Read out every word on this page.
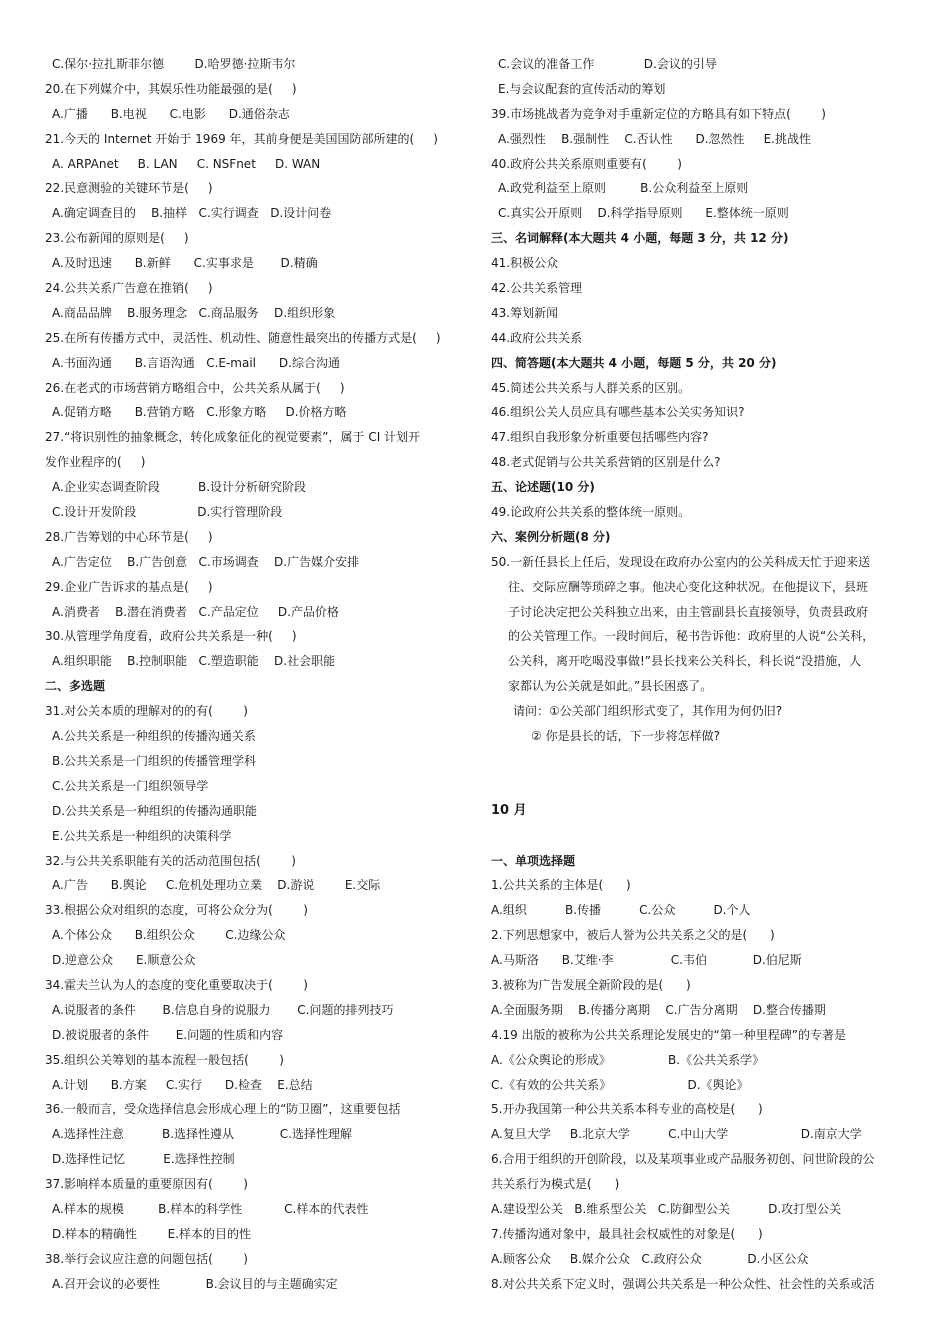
C.保尔·拉扎斯菲尔德        D.哈罗德·拉斯韦尔
20.在下列媒介中，其娱乐性功能最强的是(     )
A.广播      B.电视      C.电影      D.通俗杂志
21.今天的 Internet 开始于 1969 年，其前身便是美国国防部所建的(     )
A. ARPAnet     B. LAN     C. NSFnet     D. WAN
22.民意测验的关键环节是(     )
A.确定调查目的    B.抽样   C.实行调查   D.设计问卷
23.公布新闻的原则是(     )
A.及时迅速      B.新鲜      C.实事求是       D.精确
24.公共关系广告意在推销(     )
A.商品品牌    B.服务理念   C.商品服务    D.组织形象
25.在所有传播方式中，灵活性、机动性、随意性最突出的传播方式是(     )
A.书面沟通      B.言语沟通   C.E-mail      D.综合沟通
26.在老式的市场营销方略组合中，公共关系从属于(     )
A.促销方略      B.营销方略   C.形象方略     D.价格方略
27.“将识别性的抽象概念，转化成象征化的视觉要素”，属于 CI 计划开
发作业程序的(     )
A.企业实态调查阶段          B.设计分析研究阶段
C.设计开发阶段                D.实行管理阶段
28.广告筹划的中心环节是(     )
A.广告定位    B.广告创意   C.市场调查    D.广告媒介安排
29.企业广告诉求的基点是(     )
A.消费者    B.潜在消费者   C.产品定位     D.产品价格
30.从管理学角度看，政府公共关系是一种(     )
A.组织职能    B.控制职能   C.塑造职能    D.社会职能
二、多选题
31.对公关本质的理解对的的有(        )
A.公共关系是一种组织的传播沟通关系
B.公共关系是一门组织的传播管理学科
C.公共关系是一门组织领导学
D.公共关系是一种组织的传播沟通职能
E.公共关系是一种组织的决策科学
32.与公共关系职能有关的活动范围包括(        )
A.广告      B.舆论     C.危机处理功立業    D.游说        E.交际
33.根据公众对组织的态度，可将公众分为(        )
A.个体公众      B.组织公众        C.边缘公众
D.逆意公众      E.顺意公众
34.霍夫兰认为人的态度的变化重要取决于(        )
A.说服者的条件       B.信息自身的说服力       C.问题的排列技巧
D.被说服者的条件       E.问题的性质和内容
35.组织公关筹划的基本流程一般包括(        )
A.计划      B.方案     C.实行      D.检查    E.总结
36.一般而言，受众选择信息会形成心理上的“防卫圈”，这重要包括
A.选择性注意          B.选择性遵从            C.选择性理解
D.选择性记忆          E.选择性控制
37.影响样本质量的重要原因有(        )
A.样本的规模         B.样本的科学性           C.样本的代表性
D.样本的精确性        E.样本的目的性
38.举行会议应注意的问题包括(        )
A.召开会议的必要性            B.会议目的与主题确实定
C.会议的准备工作             D.会议的引导
E.与会议配套的宣传活动的筹划
39.市场挑战者为竞争对手重新定位的方略具有如下特点(        )
A.强烈性    B.强制性    C.否认性      D.忽然性     E.挑战性
40.政府公共关系原则重要有(        )
A.政党利益至上原则         B.公众利益至上原则
C.真实公开原则    D.科学指导原则      E.整体统一原则
三、名词解释(本大题共 4 小题，每题 3 分，共 12 分)
41.积极公众
42.公共关系管理
43.筹划新闻
44.政府公共关系
四、简答题(本大题共 4 小题，每题 5 分，共 20 分)
45.简述公共关系与人群关系的区别。
46.组织公关人员应具有哪些基本公关实务知识?
47.组织自我形象分析重要包括哪些内容?
48.老式促销与公共关系营销的区别是什么?
五、论述题(10 分)
49.论政府公共关系的整体统一原则。
六、案例分析题(8 分)
50.一新任县长上任后，发现设在政府办公室内的公关科成天忙于迎来送
往、交际应酬等琐碎之事。他决心变化这种状况。在他提议下，县班
子讨论决定把公关科独立出来，由主管副县长直接领导，负责县政府
的公关管理工作。一段时间后，秘书告诉他：政府里的人说“公关科，
公关科，离开吃喝没事做!”县长找来公关科长，科长说“没措施，人
家都认为公关就是如此。”县长困惑了。
请问：①公关部门组织形式变了，其作用为何仍旧?
② 你是县长的话，下一步将怎样做?
10 月
一、单项选择题
1.公共关系的主体是(      )
A.组织          B.传播          C.公众          D.个人
2.下列思想家中，被后人誉为公共关系之父的是(      )
A.马斯洛      B.艾维·李               C.韦伯            D.伯尼斯
3.被称为广告发展全新阶段的是(      )
A.全面服务期    B.传播分离期    C.广告分离期    D.整合传播期
4.19 出版的被称为公共关系理论发展史的“第一种里程碑”的专著是
A.《公众舆论的形成》               B.《公共关系学》
C.《有效的公共关系》                    D.《舆论》
5.开办我国第一种公共关系本科专业的高校是(      )
A.复旦大学     B.北京大学          C.中山大学                   D.南京大学
6.合用于组织的开创阶段，以及某项事业或产品服务初创、问世阶段的公
共关系行为模式是(      )
A.建设型公关   B.维系型公关   C.防御型公关          D.攻打型公关
7.传播沟通对象中，最具社会权威性的对象是(      )
A.顾客公众     B.媒介公众   C.政府公众            D.小区公众
8.对公共关系下定义时，强调公共关系是一种公众性、社会性的关系或活
